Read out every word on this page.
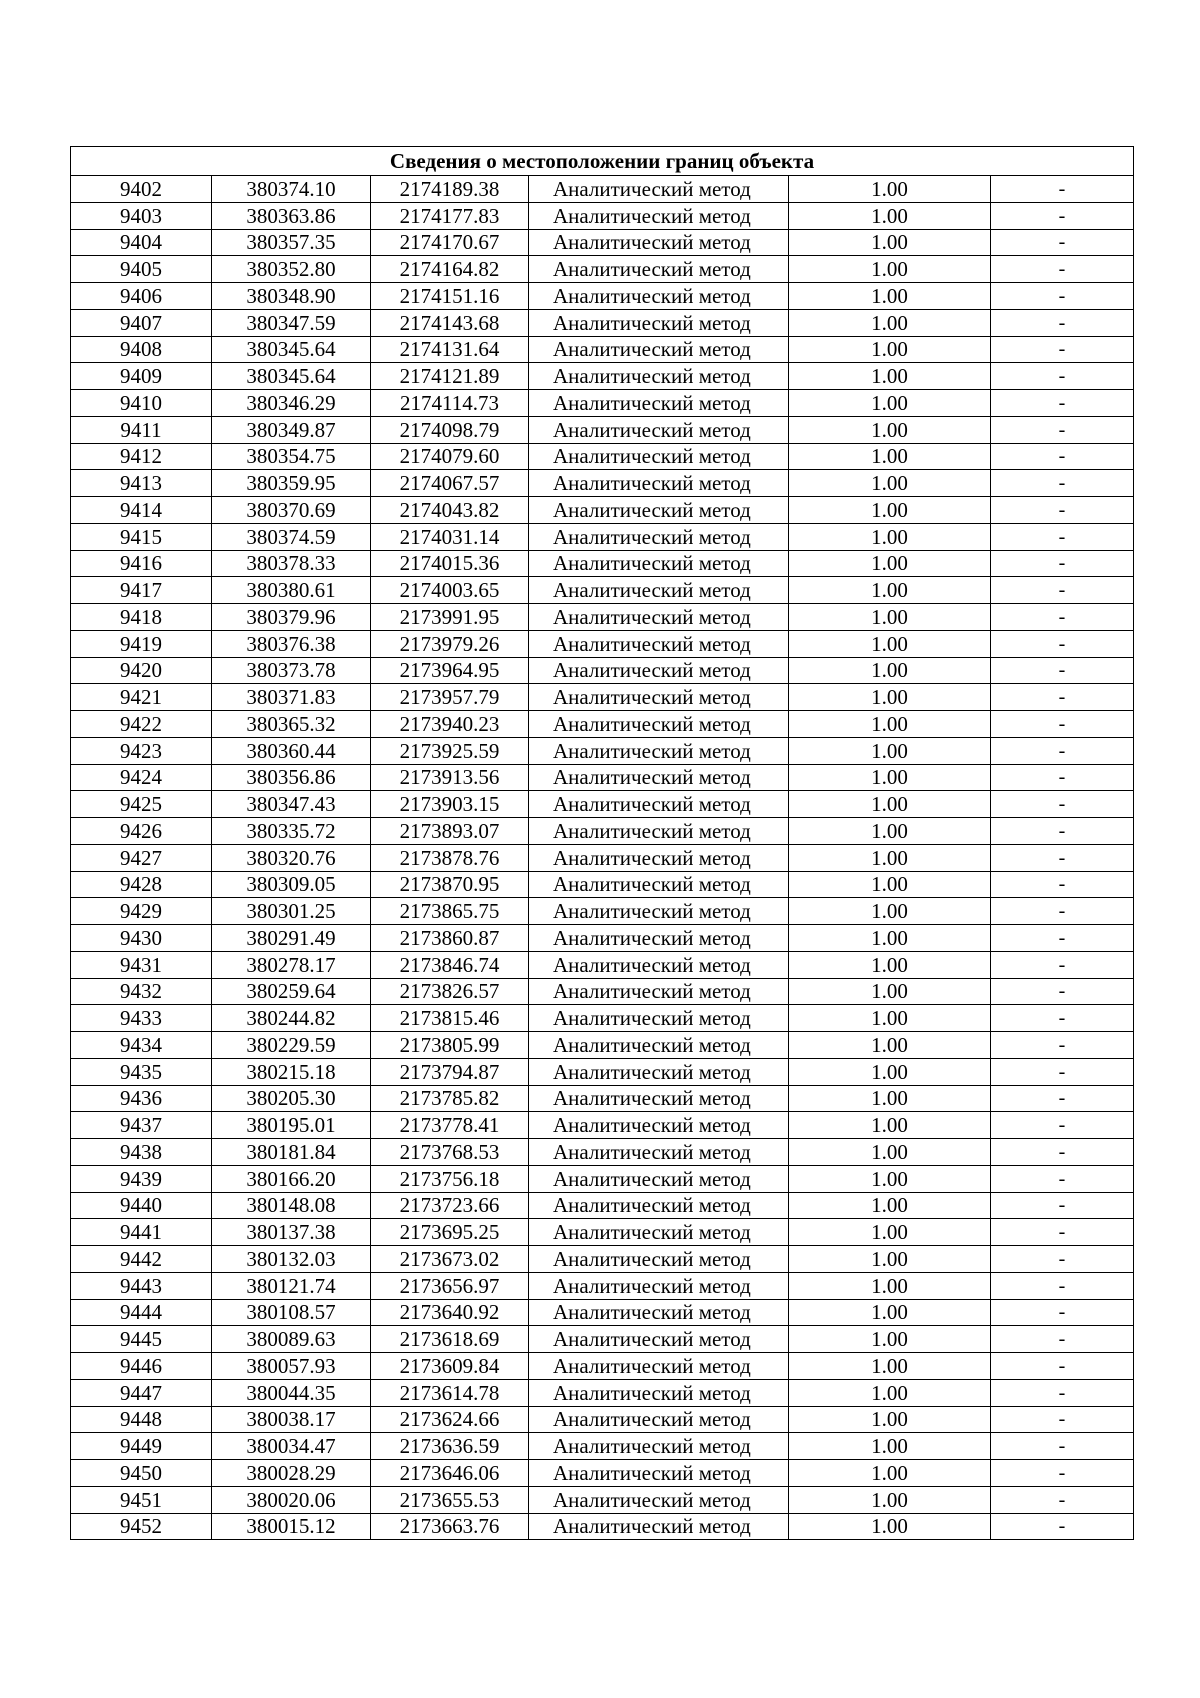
Сведения о местоположении границ объекта					
9402	380374.10	2174189.38	Аналитический метод	1.00	-
9403	380363.86	2174177.83	Аналитический метод	1.00	-
9404	380357.35	2174170.67	Аналитический метод	1.00	-
9405	380352.80	2174164.82	Аналитический метод	1.00	-
9406	380348.90	2174151.16	Аналитический метод	1.00	-
9407	380347.59	2174143.68	Аналитический метод	1.00	-
9408	380345.64	2174131.64	Аналитический метод	1.00	-
9409	380345.64	2174121.89	Аналитический метод	1.00	-
9410	380346.29	2174114.73	Аналитический метод	1.00	-
9411	380349.87	2174098.79	Аналитический метод	1.00	-
9412	380354.75	2174079.60	Аналитический метод	1.00	-
9413	380359.95	2174067.57	Аналитический метод	1.00	-
9414	380370.69	2174043.82	Аналитический метод	1.00	-
9415	380374.59	2174031.14	Аналитический метод	1.00	-
9416	380378.33	2174015.36	Аналитический метод	1.00	-
9417	380380.61	2174003.65	Аналитический метод	1.00	-
9418	380379.96	2173991.95	Аналитический метод	1.00	-
9419	380376.38	2173979.26	Аналитический метод	1.00	-
9420	380373.78	2173964.95	Аналитический метод	1.00	-
9421	380371.83	2173957.79	Аналитический метод	1.00	-
9422	380365.32	2173940.23	Аналитический метод	1.00	-
9423	380360.44	2173925.59	Аналитический метод	1.00	-
9424	380356.86	2173913.56	Аналитический метод	1.00	-
9425	380347.43	2173903.15	Аналитический метод	1.00	-
9426	380335.72	2173893.07	Аналитический метод	1.00	-
9427	380320.76	2173878.76	Аналитический метод	1.00	-
9428	380309.05	2173870.95	Аналитический метод	1.00	-
9429	380301.25	2173865.75	Аналитический метод	1.00	-
9430	380291.49	2173860.87	Аналитический метод	1.00	-
9431	380278.17	2173846.74	Аналитический метод	1.00	-
9432	380259.64	2173826.57	Аналитический метод	1.00	-
9433	380244.82	2173815.46	Аналитический метод	1.00	-
9434	380229.59	2173805.99	Аналитический метод	1.00	-
9435	380215.18	2173794.87	Аналитический метод	1.00	-
9436	380205.30	2173785.82	Аналитический метод	1.00	-
9437	380195.01	2173778.41	Аналитический метод	1.00	-
9438	380181.84	2173768.53	Аналитический метод	1.00	-
9439	380166.20	2173756.18	Аналитический метод	1.00	-
9440	380148.08	2173723.66	Аналитический метод	1.00	-
9441	380137.38	2173695.25	Аналитический метод	1.00	-
9442	380132.03	2173673.02	Аналитический метод	1.00	-
9443	380121.74	2173656.97	Аналитический метод	1.00	-
9444	380108.57	2173640.92	Аналитический метод	1.00	-
9445	380089.63	2173618.69	Аналитический метод	1.00	-
9446	380057.93	2173609.84	Аналитический метод	1.00	-
9447	380044.35	2173614.78	Аналитический метод	1.00	-
9448	380038.17	2173624.66	Аналитический метод	1.00	-
9449	380034.47	2173636.59	Аналитический метод	1.00	-
9450	380028.29	2173646.06	Аналитический метод	1.00	-
9451	380020.06	2173655.53	Аналитический метод	1.00	-
9452	380015.12	2173663.76	Аналитический метод	1.00	-
